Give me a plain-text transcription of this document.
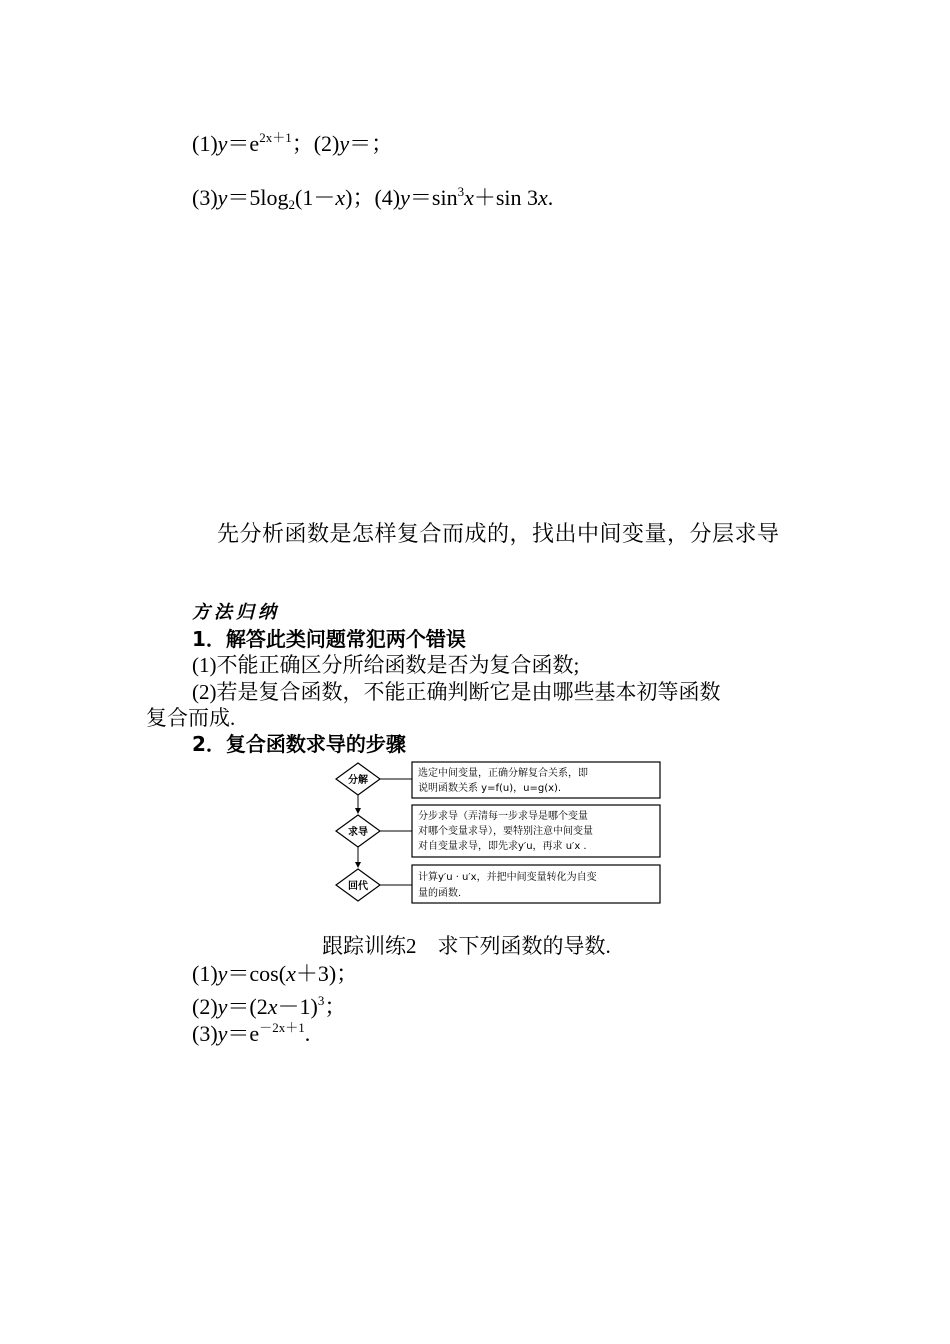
$(1)y=e^{2x+1}$；(2)y＝；
$(3)y=5\log_2(1-x)$；$(4)y=\sin^3x+\sin$ 3x.
先分析函数是怎样复合而成的，找出中间变量，分层求导
方法归纳
1．解答此类问题常犯两个错误
(1)不能正确区分所给函数是否为复合函数;
(2)若是复合函数，不能正确判断它是由哪些基本初等函数
复合而成.
2．复合函数求导的步骤
分解
选定中间变量，正确分解复合关系，即
说明函数关系 y=f(u)，u=g(x).
求导
分步求导（弄清每一步求导是哪个变量
对哪个变量求导），要特别注意中间变量
对自变量求导，即先求y′u，再求 u′x .
回代
计算y′u · u′x，并把中间变量转化为自变
量的函数.
跟踪训练2　求下列函数的导数.
(1)y＝cos(x＋3)；
$(2)y=(2x-1)^3$；
$(3)y=e^{-2x+1}$.
